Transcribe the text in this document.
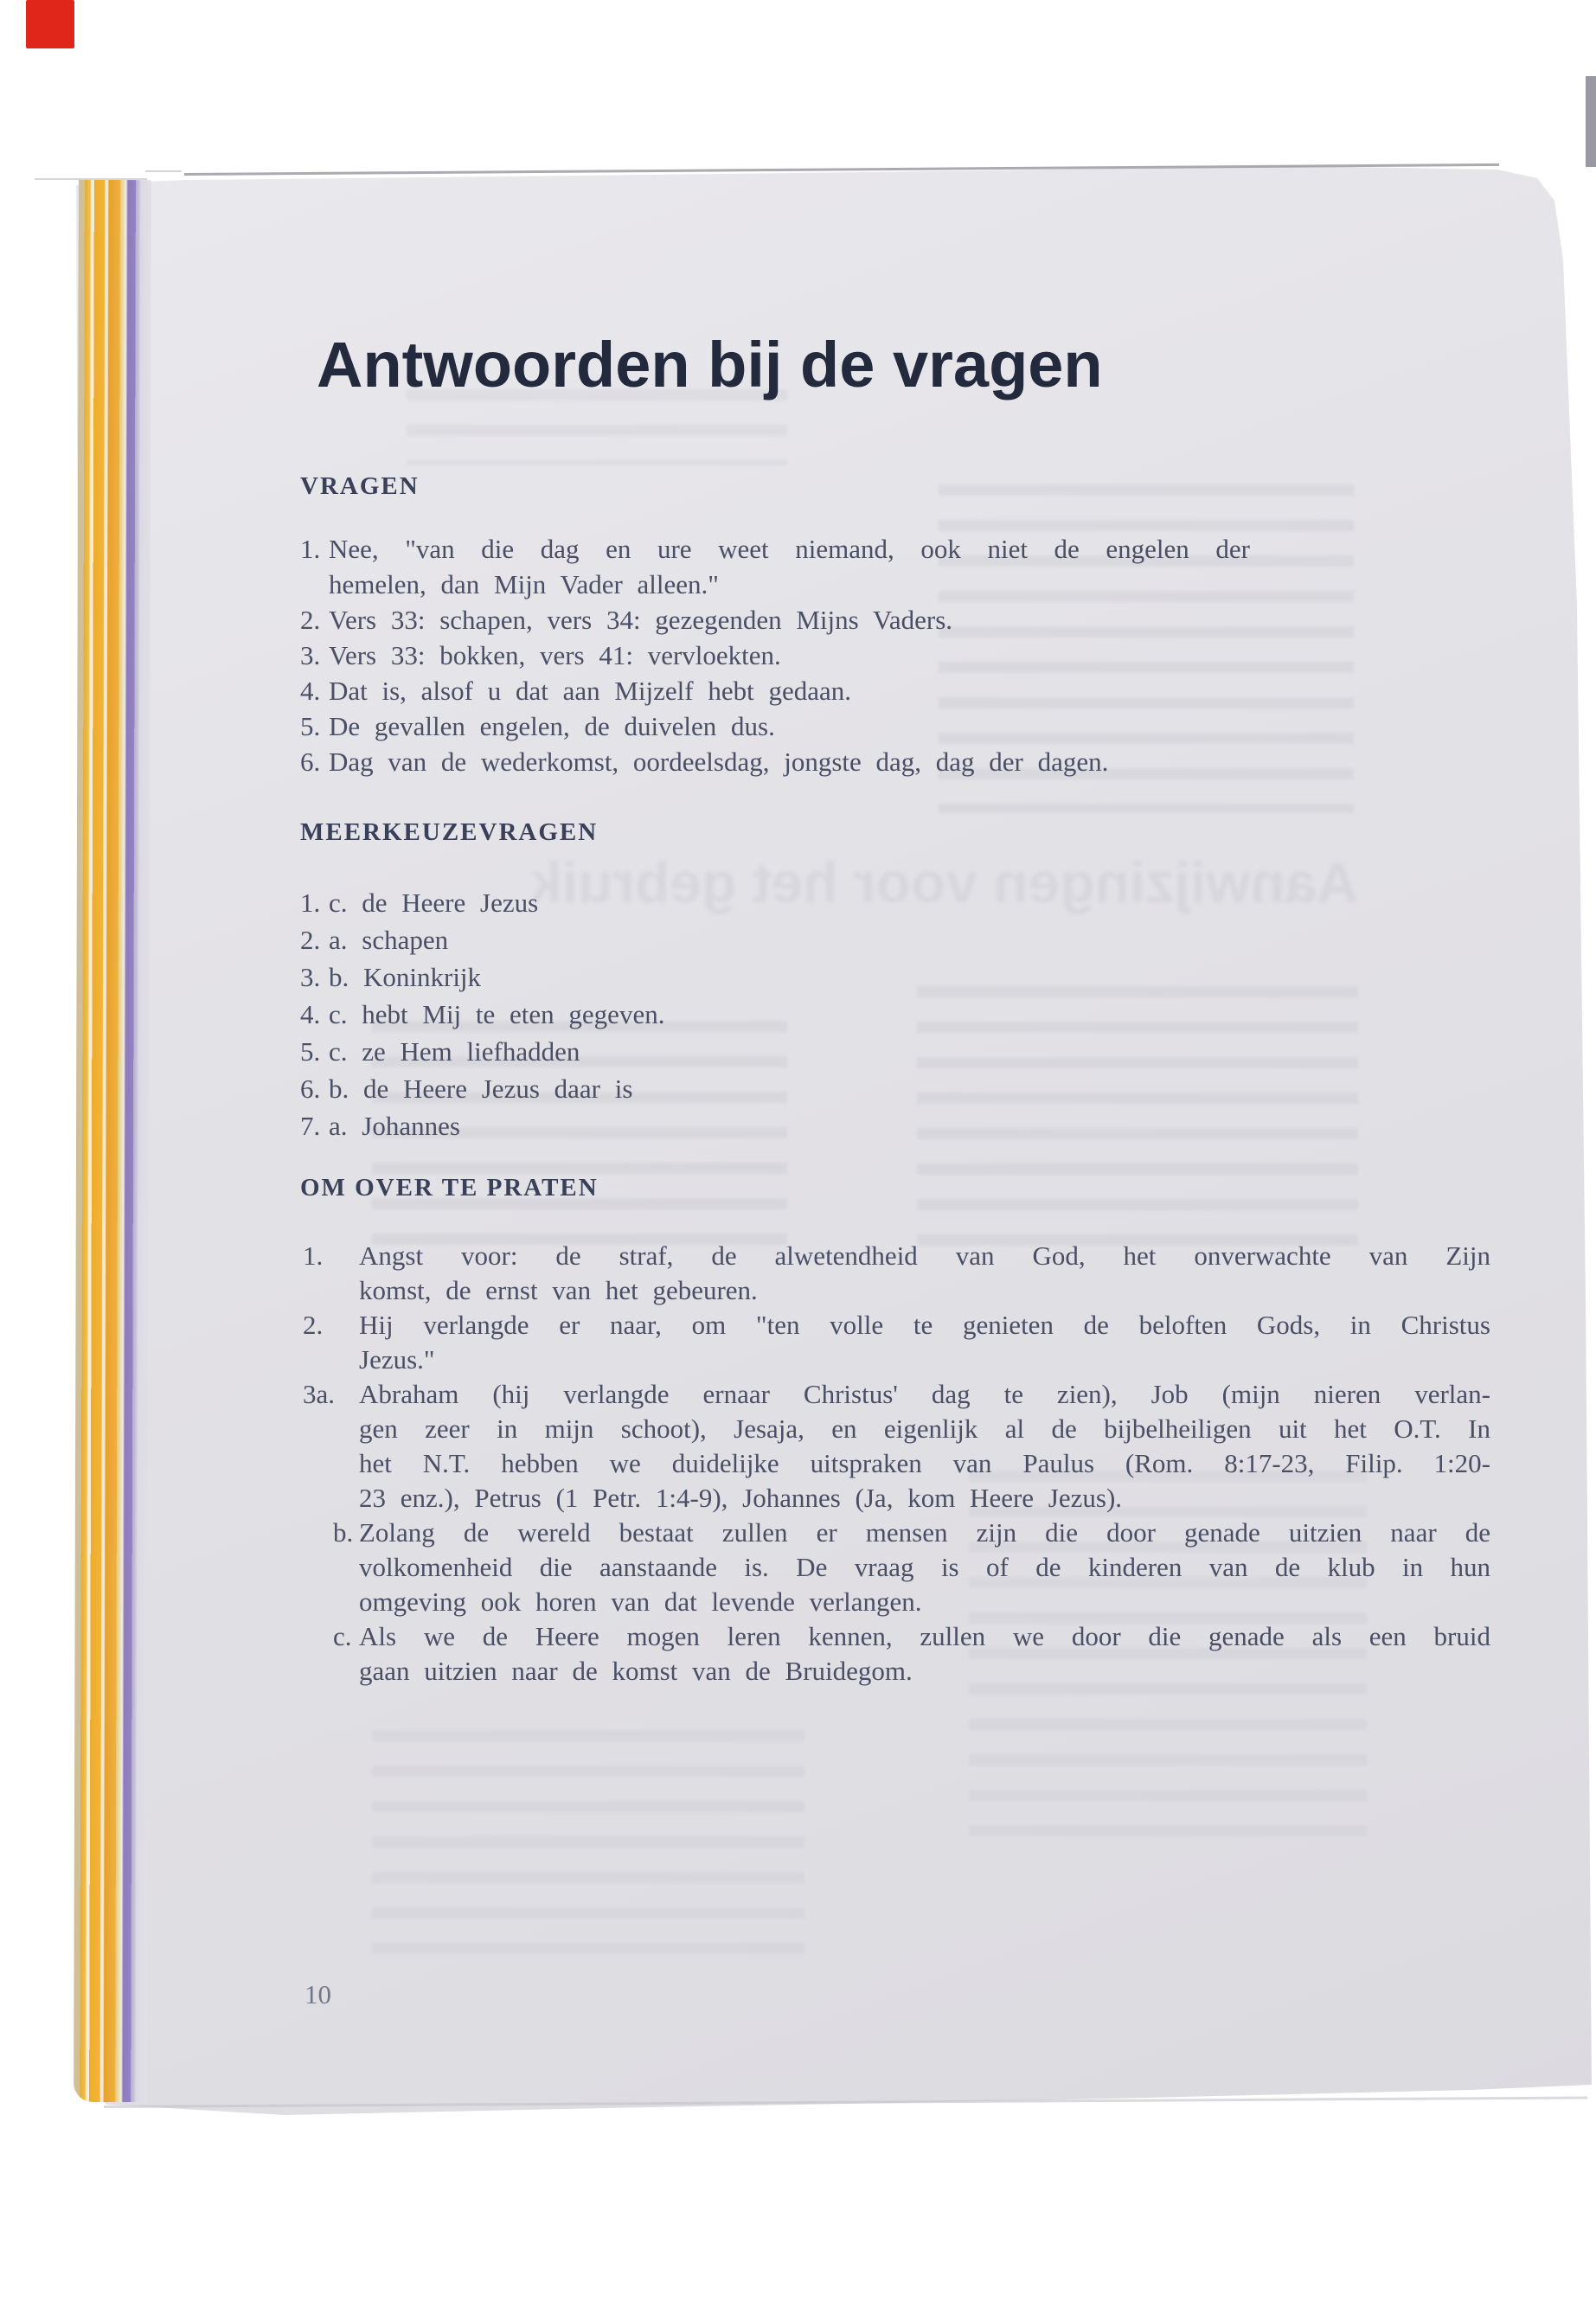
Antwoorden bij de vragen
VRAGEN
1. Nee, "van die dag en ure weet niemand, ook niet de engelen der
hemelen, dan Mijn Vader alleen."
2. Vers 33: schapen, vers 34: gezegenden Mijns Vaders.
3. Vers 33: bokken, vers 41: vervloekten.
4. Dat is, alsof u dat aan Mijzelf hebt gedaan.
5. De gevallen engelen, de duivelen dus.
6. Dag van de wederkomst, oordeelsdag, jongste dag, dag der dagen.
MEERKEUZEVRAGEN
1. c. de Heere Jezus
2. a. schapen
3. b. Koninkrijk
4. c. hebt Mij te eten gegeven.
5. c. ze Hem liefhadden
6. b. de Heere Jezus daar is
7. a. Johannes
OM OVER TE PRATEN
1. Angst voor: de straf, de alwetendheid van God, het onverwachte van Zijn
komst, de ernst van het gebeuren.
2. Hij verlangde er naar, om "ten volle te genieten de beloften Gods, in Christus
Jezus."
3a. Abraham (hij verlangde ernaar Christus' dag te zien), Job (mijn nieren verlan-
gen zeer in mijn schoot), Jesaja, en eigenlijk al de bijbelheiligen uit het O.T. In
het N.T. hebben we duidelijke uitspraken van Paulus (Rom. 8:17-23, Filip. 1:20-
23 enz.), Petrus (1 Petr. 1:4-9), Johannes (Ja, kom Heere Jezus).
b. Zolang de wereld bestaat zullen er mensen zijn die door genade uitzien naar de
volkomenheid die aanstaande is. De vraag is of de kinderen van de klub in hun
omgeving ook horen van dat levende verlangen.
c. Als we de Heere mogen leren kennen, zullen we door die genade als een bruid
gaan uitzien naar de komst van de Bruidegom.
10
